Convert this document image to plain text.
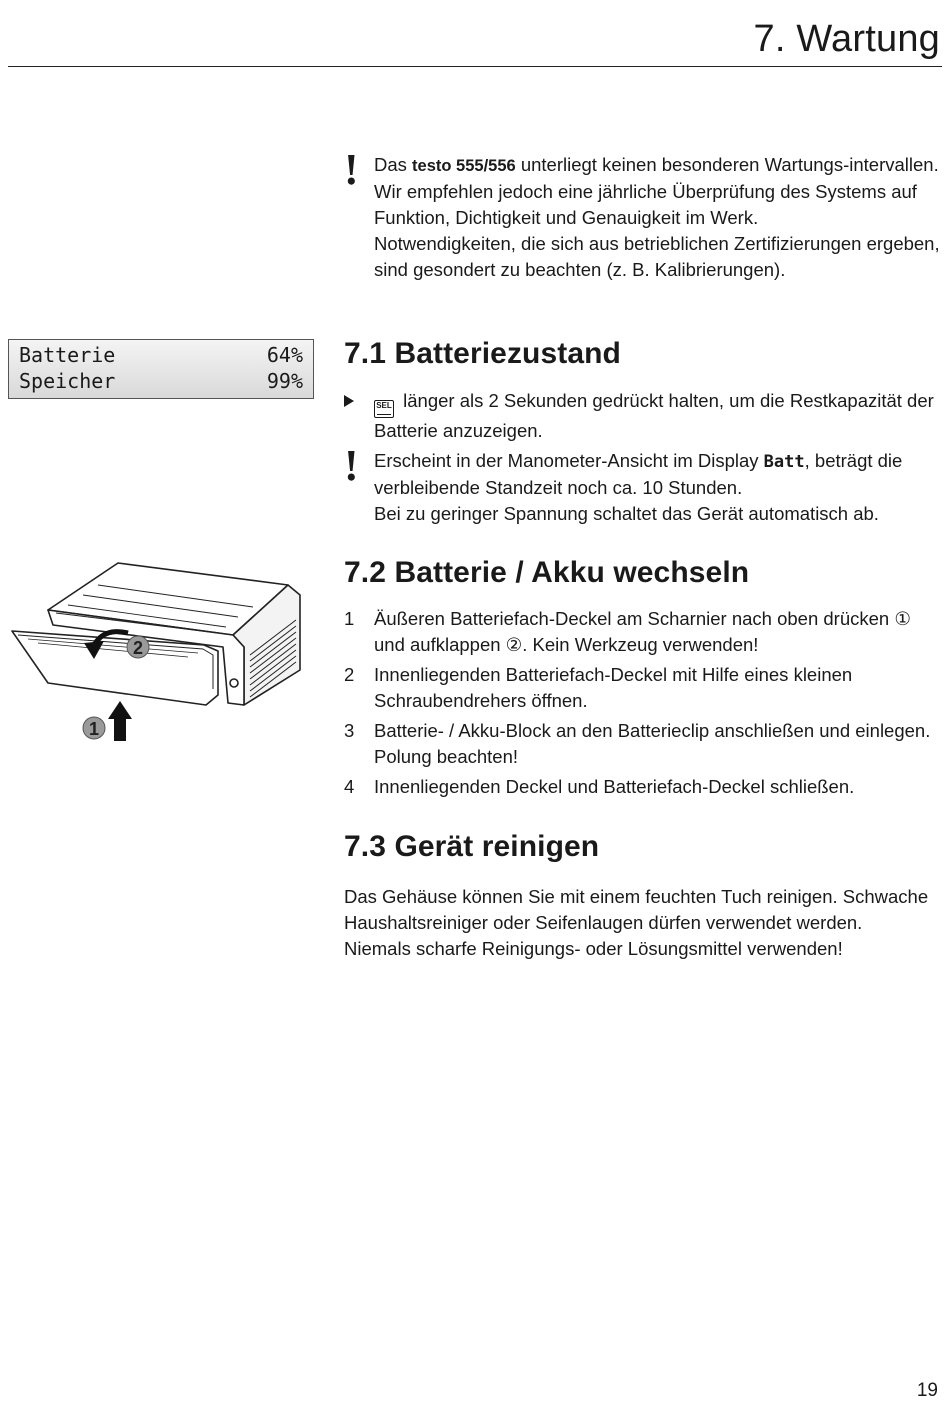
7. Wartung
! Das testo 555/556 unterliegt keinen besonderen Wartungs-intervallen. Wir empfehlen jedoch eine jährliche Überprüfung des Systems auf Funktion, Dichtigkeit und Genauigkeit im Werk.

Notwendigkeiten, die sich aus betrieblichen Zertifizierungen ergeben, sind gesondert zu beachten (z. B. Kalibrierungen).

Batterie	64%
Speicher	99%
7.1 Batteriezustand
SEL länger als 2 Sekunden gedrückt halten, um die Restkapazität der Batterie anzuzeigen.
! Erscheint in der Manometer-Ansicht im Display Batt, beträgt die verbleibende Standzeit noch ca. 10 Stunden.

Bei zu geringer Spannung schaltet das Gerät automatisch ab.

2
1
7.2 Batterie / Akku wechseln
1 Äußeren Batteriefach-Deckel am Scharnier nach oben drücken ① und aufklappen ②. Kein Werkzeug verwenden!
2 Innenliegenden Batteriefach-Deckel mit Hilfe eines kleinen Schraubendrehers öffnen.
3 Batterie- / Akku-Block an den Batterieclip anschließen und einlegen. Polung beachten!
4 Innenliegenden Deckel und Batteriefach-Deckel schließen.
7.3 Gerät reinigen
Das Gehäuse können Sie mit einem feuchten Tuch reinigen. Schwache Haushaltsreiniger oder Seifenlaugen dürfen verwendet werden. Niemals scharfe Reinigungs- oder Lösungsmittel verwenden!
19
